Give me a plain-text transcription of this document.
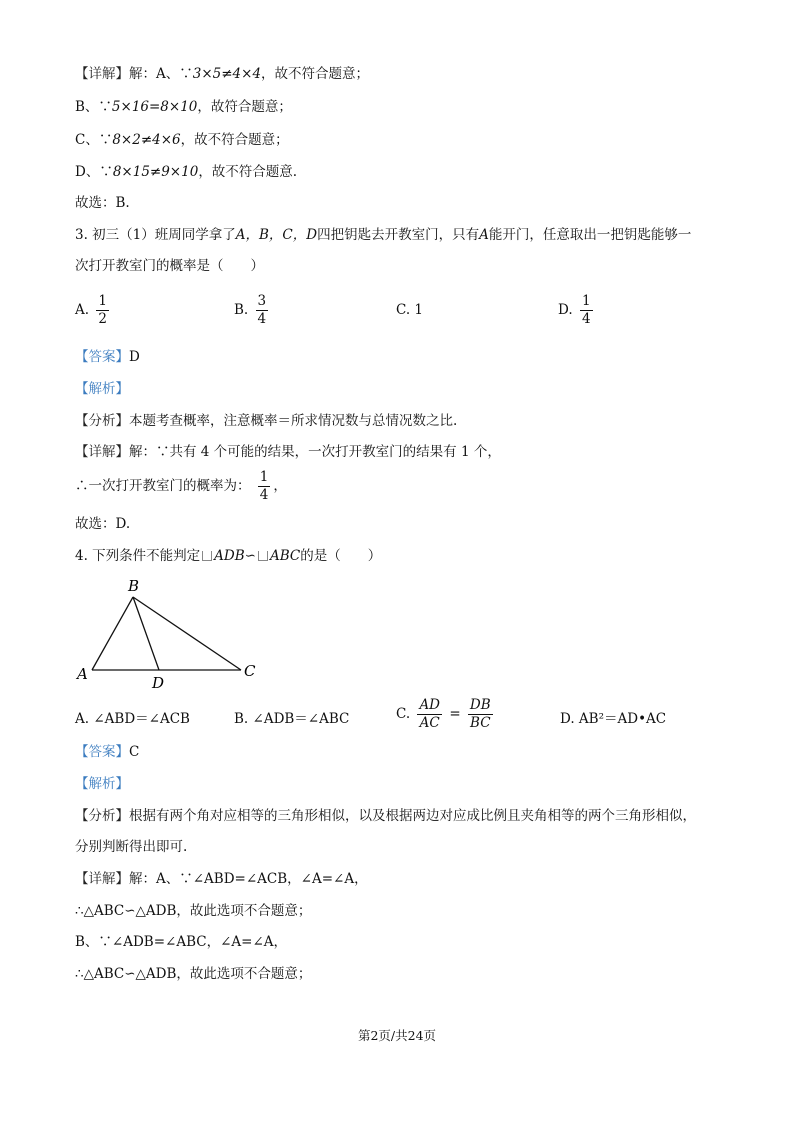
【详解】解：A、∵3×5≠4×4，故不符合题意；
B、∵5×16=8×10，故符合题意；
C、∵8×2≠4×6，故不符合题意；
D、∵8×15≠9×10，故不符合题意.
故选：B.
3. 初三（1）班周同学拿了A，B，C，D四把钥匙去开教室门，只有A能开门，任意取出一把钥匙能够一
次打开教室门的概率是（　　）
A. $\frac{1}{2}$	B. $\frac{3}{4}$	C. 1	D. $\frac{1}{4}$
【答案】D
【解析】
【分析】本题考查概率，注意概率＝所求情况数与总情况数之比.
【详解】解：∵共有 4 个可能的结果，一次打开教室门的结果有 1 个，
∴一次打开教室门的概率为： $\frac{1}{4}$ ，
故选：D.
4. 下列条件不能判定 ADB∽ ABC的是（　　）
B
A	D
C
A. ∠ABD＝∠ACB	B. ∠ADB＝∠ABC	C. $\frac{AD}{AC} = \frac{DB}{BC}$	D. AB²＝AD•AC
【答案】C
【解析】
【分析】根据有两个角对应相等的三角形相似，以及根据两边对应成比例且夹角相等的两个三角形相似，
分别判断得出即可.
【详解】解：A、∵∠ABD=∠ACB，∠A=∠A，
∴△ABC∽△ADB，故此选项不合题意；
B、∵∠ADB=∠ABC，∠A=∠A，
∴△ABC∽△ADB，故此选项不合题意；
第2页/共24页
